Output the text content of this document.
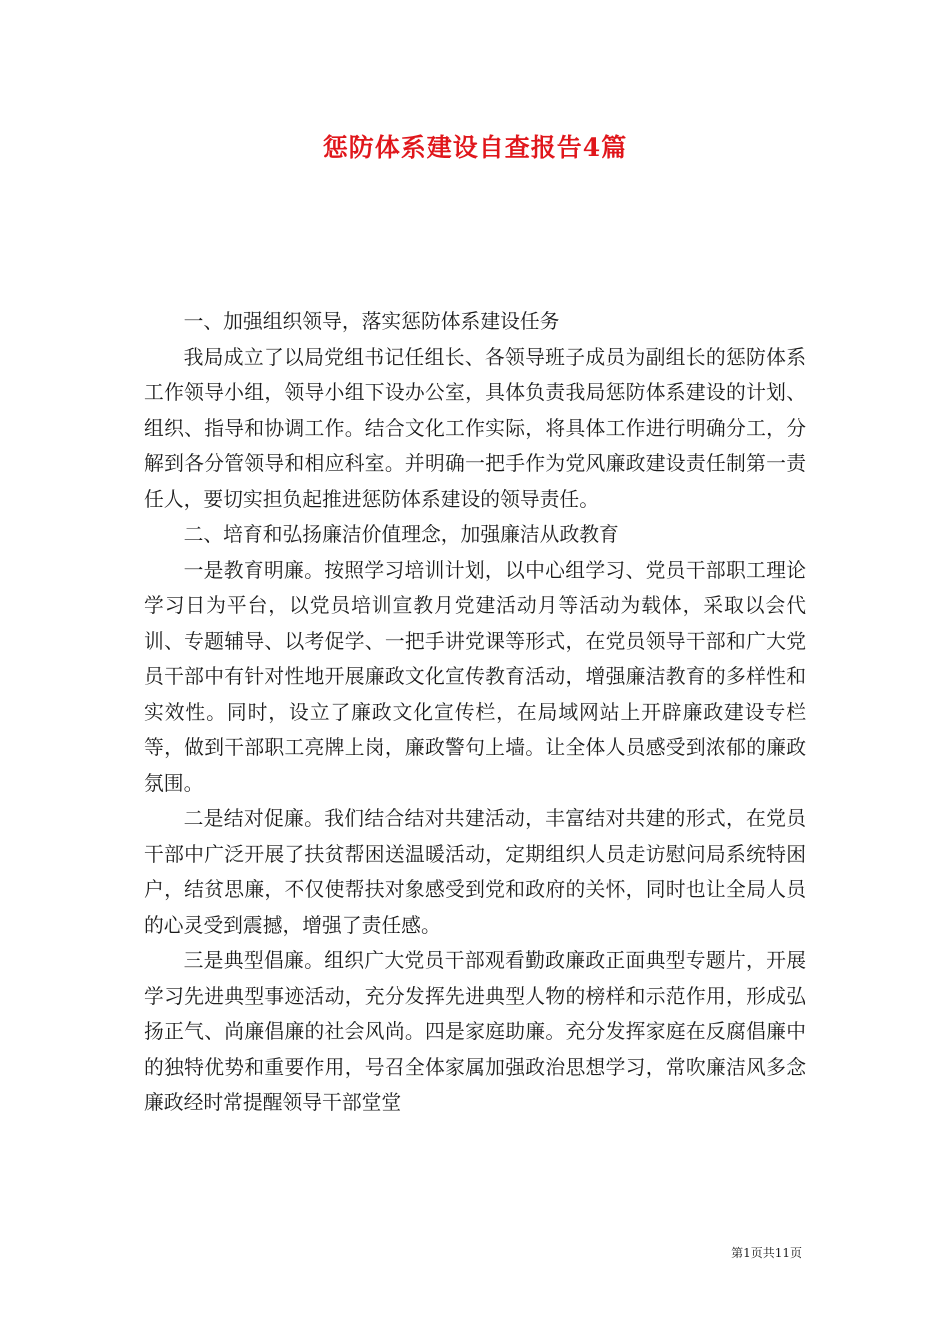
惩防体系建设自查报告4篇

一、加强组织领导，落实惩防体系建设任务

我局成立了以局党组书记任组长、各领导班子成员为副组长的惩防体系工作领导小组，领导小组下设办公室，具体负责我局惩防体系建设的计划、组织、指导和协调工作。结合文化工作实际，将具体工作进行明确分工，分解到各分管领导和相应科室。并明确一把手作为党风廉政建设责任制第一责任人，要切实担负起推进惩防体系建设的领导责任。

二、培育和弘扬廉洁价值理念，加强廉洁从政教育

一是教育明廉。按照学习培训计划，以中心组学习、党员干部职工理论学习日为平台，以党员培训宣教月党建活动月等活动为载体，采取以会代训、专题辅导、以考促学、一把手讲党课等形式，在党员领导干部和广大党员干部中有针对性地开展廉政文化宣传教育活动，增强廉洁教育的多样性和实效性。同时，设立了廉政文化宣传栏，在局域网站上开辟廉政建设专栏等，做到干部职工亮牌上岗，廉政警句上墙。让全体人员感受到浓郁的廉政氛围。

二是结对促廉。我们结合结对共建活动，丰富结对共建的形式，在党员干部中广泛开展了扶贫帮困送温暖活动，定期组织人员走访慰问局系统特困户，结贫思廉，不仅使帮扶对象感受到党和政府的关怀，同时也让全局人员的心灵受到震撼，增强了责任感。

三是典型倡廉。组织广大党员干部观看勤政廉政正面典型专题片，开展学习先进典型事迹活动，充分发挥先进典型人物的榜样和示范作用，形成弘扬正气、尚廉倡廉的社会风尚。四是家庭助廉。充分发挥家庭在反腐倡廉中的独特优势和重要作用，号召全体家属加强政治思想学习，常吹廉洁风多念廉政经时常提醒领导干部堂堂

第1页共11页
